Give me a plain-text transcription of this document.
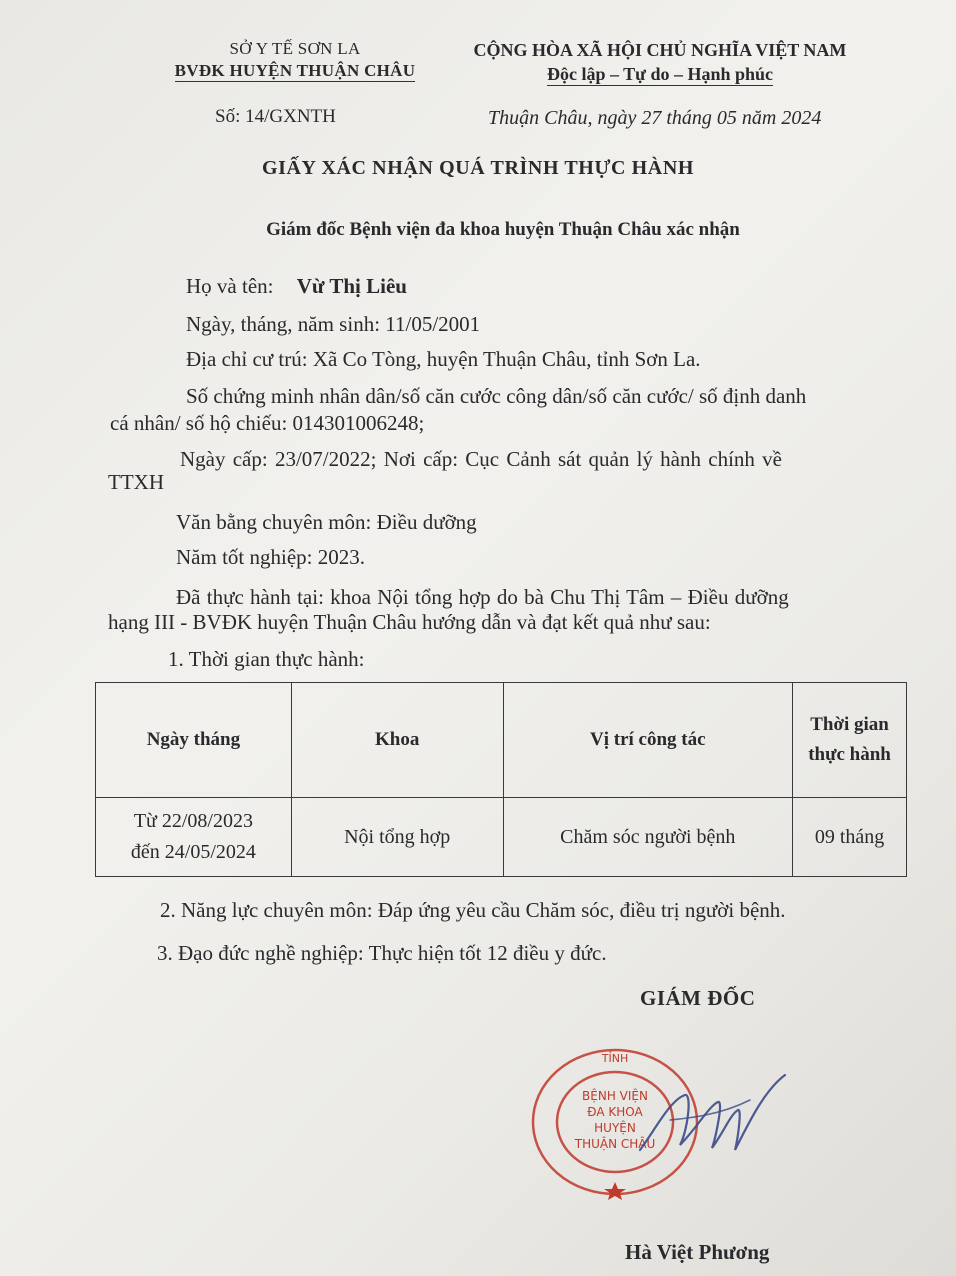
SỞ Y TẾ SƠN LA
BVĐK HUYỆN THUẬN CHÂU
CỘNG HÒA XÃ HỘI CHỦ NGHĨA VIỆT NAM
Độc lập – Tự do – Hạnh phúc
Số: 14/GXNTH	Thuận Châu, ngày 27 tháng 05 năm 2024
GIẤY XÁC NHẬN QUÁ TRÌNH THỰC HÀNH
Giám đốc Bệnh viện đa khoa huyện Thuận Châu xác nhận
Họ và tên: Vừ Thị Liêu
Ngày, tháng, năm sinh: 11/05/2001
Địa chỉ cư trú: Xã Co Tòng, huyện Thuận Châu, tỉnh Sơn La.
Số chứng minh nhân dân/số căn cước công dân/số căn cước/ số định danh
cá nhân/ số hộ chiếu: 014301006248;
Ngày cấp: 23/07/2022; Nơi cấp: Cục Cảnh sát quản lý hành chính về
TTXH
Văn bằng chuyên môn: Điều dưỡng
Năm tốt nghiệp: 2023.
Đã thực hành tại: khoa Nội tổng hợp do bà Chu Thị Tâm – Điều dưỡng
hạng III - BVĐK huyện Thuận Châu hướng dẫn và đạt kết quả như sau:
1. Thời gian thực hành:
Ngày tháng	Khoa	Vị trí công tác	Thời gian thực hành

Từ 22/08/2023
đến 24/05/2024	Nội tổng hợp	Chăm sóc người bệnh	09 tháng
2. Năng lực chuyên môn: Đáp ứng yêu cầu Chăm sóc, điều trị người bệnh.
3. Đạo đức nghề nghiệp: Thực hiện tốt 12 điều y đức.
GIÁM ĐỐC
TỈNH
BỆNH VIỆN
ĐA KHOA
HUYỆN
THUẬN CHÂU
Hà Việt Phương
